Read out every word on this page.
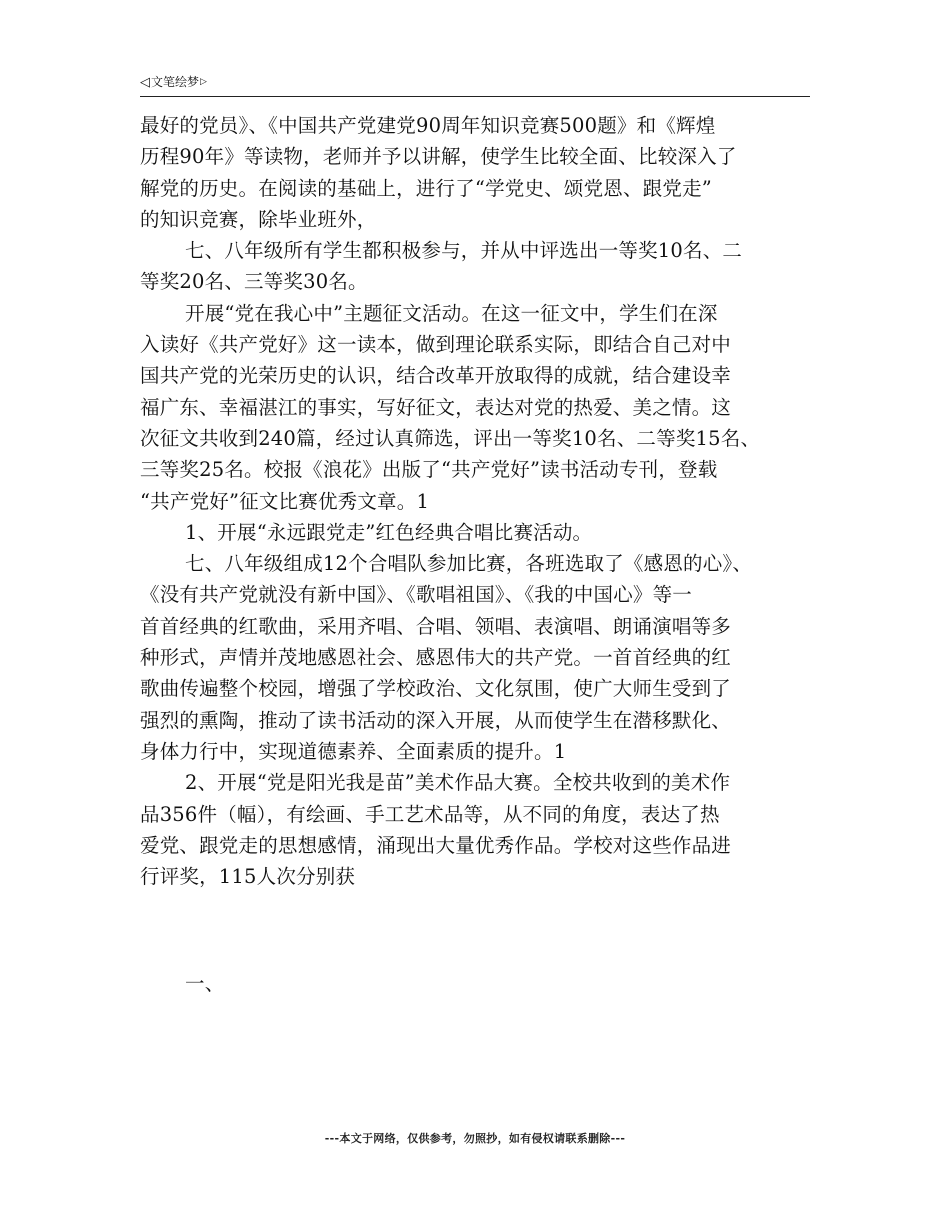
◁文笔绘梦▷
最好的党员》、《中国共产党建党90周年知识竞赛500题》和《辉煌
历程90年》等读物，老师并予以讲解，使学生比较全面、比较深入了
解党的历史。在阅读的基础上，进行了“学党史、颂党恩、跟党走”
的知识竞赛，除毕业班外，
七、八年级所有学生都积极参与，并从中评选出一等奖10名、二
等奖20名、三等奖30名。
开展“党在我心中”主题征文活动。在这一征文中，学生们在深
入读好《共产党好》这一读本，做到理论联系实际，即结合自己对中
国共产党的光荣历史的认识，结合改革开放取得的成就，结合建设幸
福广东、幸福湛江的事实，写好征文，表达对党的热爱、美之情。这
次征文共收到240篇，经过认真筛选，评出一等奖10名、二等奖15名、
三等奖25名。校报《浪花》出版了“共产党好”读书活动专刊，登载
“共产党好”征文比赛优秀文章。1
1、开展“永远跟党走”红色经典合唱比赛活动。
七、八年级组成12个合唱队参加比赛，各班选取了《感恩的心》、
《没有共产党就没有新中国》、《歌唱祖国》、《我的中国心》等一
首首经典的红歌曲，采用齐唱、合唱、领唱、表演唱、朗诵演唱等多
种形式，声情并茂地感恩社会、感恩伟大的共产党。一首首经典的红
歌曲传遍整个校园，增强了学校政治、文化氛围，使广大师生受到了
强烈的熏陶，推动了读书活动的深入开展，从而使学生在潜移默化、
身体力行中，实现道德素养、全面素质的提升。1
2、开展“党是阳光我是苗”美术作品大赛。全校共收到的美术作
品356件（幅），有绘画、手工艺术品等，从不同的角度，表达了热
爱党、跟党走的思想感情，涌现出大量优秀作品。学校对这些作品进
行评奖，115人次分别获
一、
---本文于网络，仅供参考，勿照抄，如有侵权请联系删除---
